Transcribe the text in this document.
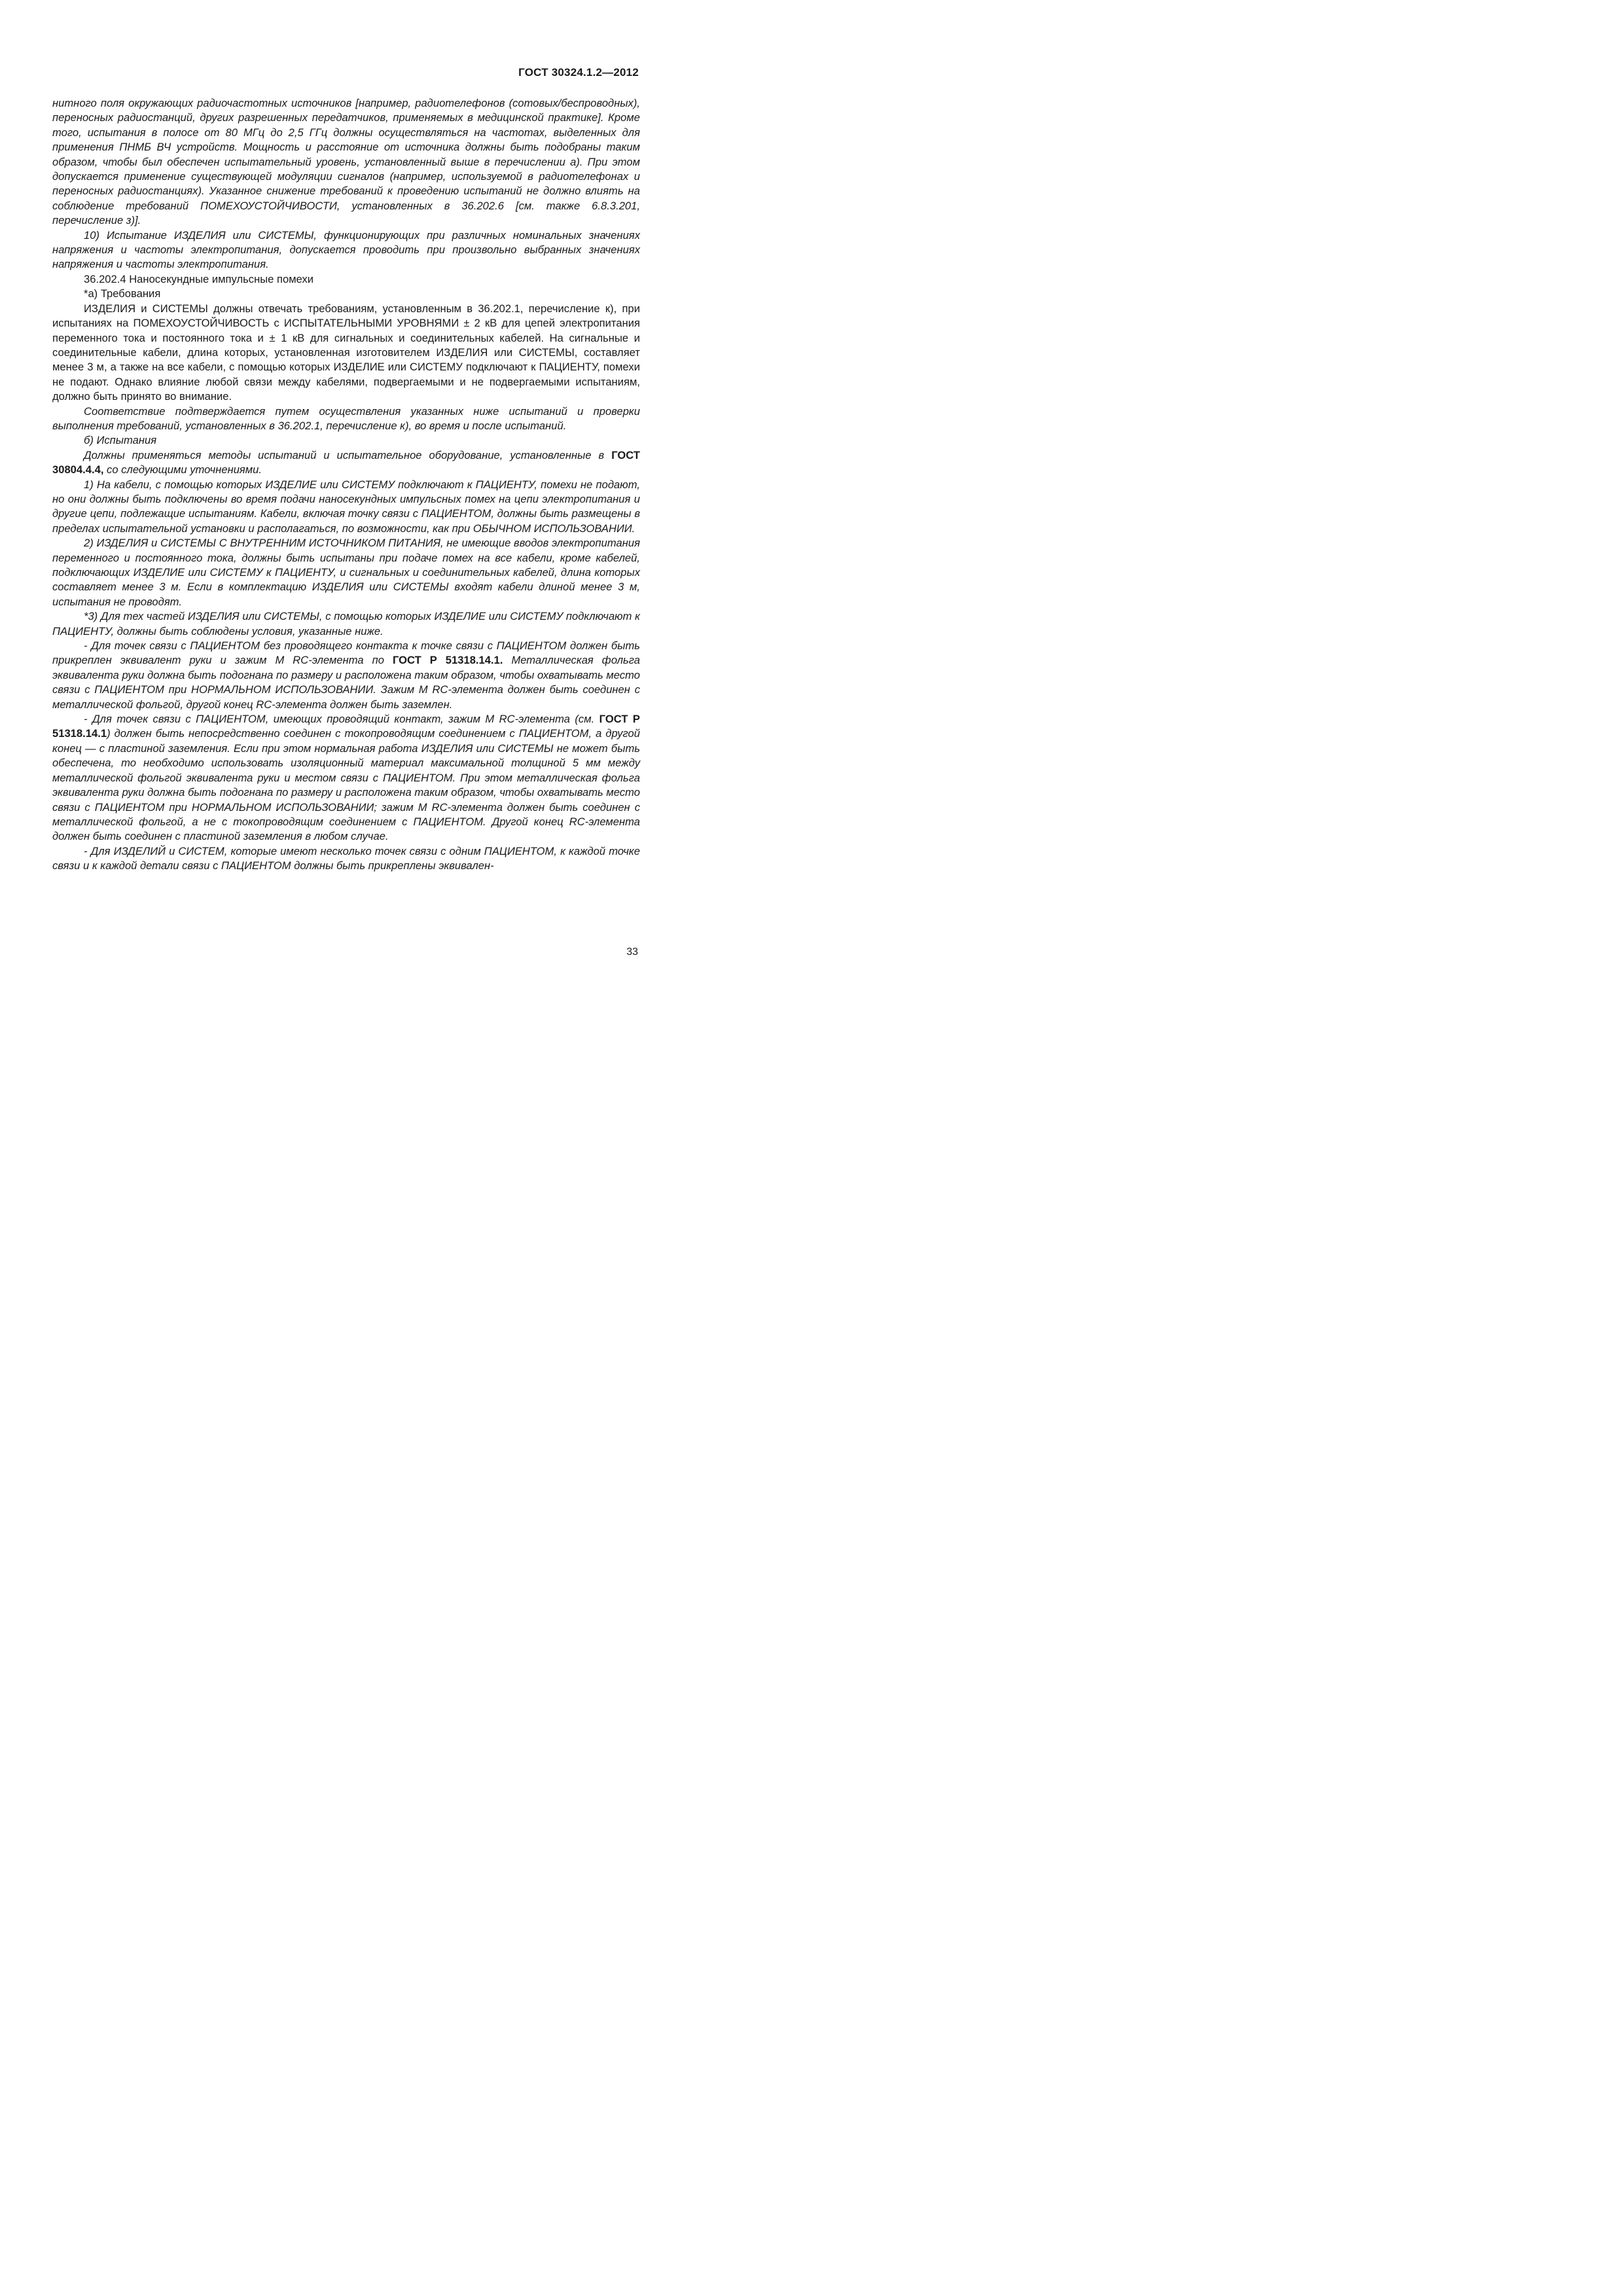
ГОСТ 30324.1.2—2012

нитного поля окружающих радиочастотных источников [например, радиотелефонов (сотовых/беспроводных), переносных радиостанций, других разрешенных передатчиков, применяемых в медицинской практике]. Кроме того, испытания в полосе от 80 МГц до 2,5 ГГц должны осуществляться на частотах, выделенных для применения ПНМБ ВЧ устройств. Мощность и расстояние от источника должны быть подобраны таким образом, чтобы был обеспечен испытательный уровень, установленный выше в перечислении а). При этом допускается применение существующей модуляции сигналов (например, используемой в радиотелефонах и переносных радиостанциях). Указанное снижение требований к проведению испытаний не должно влиять на соблюдение требований ПОМЕХОУСТОЙЧИВОСТИ, установленных в 36.202.6 [см. также 6.8.3.201, перечисление з)].

10) Испытание ИЗДЕЛИЯ или СИСТЕМЫ, функционирующих при различных номинальных значениях напряжения и частоты электропитания, допускается проводить при произвольно выбранных значениях напряжения и частоты электропитания.

36.202.4 Наносекундные импульсные помехи

*а) Требования

ИЗДЕЛИЯ и СИСТЕМЫ должны отвечать требованиям, установленным в 36.202.1, перечисление к), при испытаниях на ПОМЕХОУСТОЙЧИВОСТЬ с ИСПЫТАТЕЛЬНЫМИ УРОВНЯМИ ± 2 кВ для цепей электропитания переменного тока и постоянного тока и ± 1 кВ для сигнальных и соединительных кабелей. На сигнальные и соединительные кабели, длина которых, установленная изготовителем ИЗДЕЛИЯ или СИСТЕМЫ, составляет менее 3 м, а также на все кабели, с помощью которых ИЗДЕЛИЕ или СИСТЕМУ подключают к ПАЦИЕНТУ, помехи не подают. Однако влияние любой связи между кабелями, подвергаемыми и не подвергаемыми испытаниям, должно быть принято во внимание.

Соответствие подтверждается путем осуществления указанных ниже испытаний и проверки выполнения требований, установленных в 36.202.1, перечисление к), во время и после испытаний.

б) Испытания

Должны применяться методы испытаний и испытательное оборудование, установленные в ГОСТ 30804.4.4, со следующими уточнениями.

1) На кабели, с помощью которых ИЗДЕЛИЕ или СИСТЕМУ подключают к ПАЦИЕНТУ, помехи не подают, но они должны быть подключены во время подачи наносекундных импульсных помех на цепи электропитания и другие цепи, подлежащие испытаниям. Кабели, включая точку связи с ПАЦИЕНТОМ, должны быть размещены в пределах испытательной установки и располагаться, по возможности, как при ОБЫЧНОМ ИСПОЛЬЗОВАНИИ.

2) ИЗДЕЛИЯ и СИСТЕМЫ С ВНУТРЕННИМ ИСТОЧНИКОМ ПИТАНИЯ, не имеющие вводов электропитания переменного и постоянного тока, должны быть испытаны при подаче помех на все кабели, кроме кабелей, подключающих ИЗДЕЛИЕ или СИСТЕМУ к ПАЦИЕНТУ, и сигнальных и соединительных кабелей, длина которых составляет менее 3 м. Если в комплектацию ИЗДЕЛИЯ или СИСТЕМЫ входят кабели длиной менее 3 м, испытания не проводят.

*3) Для тех частей ИЗДЕЛИЯ или СИСТЕМЫ, с помощью которых ИЗДЕЛИЕ или СИСТЕМУ подключают к ПАЦИЕНТУ, должны быть соблюдены условия, указанные ниже.

- Для точек связи с ПАЦИЕНТОМ без проводящего контакта к точке связи с ПАЦИЕНТОМ должен быть прикреплен эквивалент руки и зажим М RC-элемента по ГОСТ Р 51318.14.1. Металлическая фольга эквивалента руки должна быть подогнана по размеру и расположена таким образом, чтобы охватывать место связи с ПАЦИЕНТОМ при НОРМАЛЬНОМ ИСПОЛЬЗОВАНИИ. Зажим М RC-элемента должен быть соединен с металлической фольгой, другой конец RC-элемента должен быть заземлен.

- Для точек связи с ПАЦИЕНТОМ, имеющих проводящий контакт, зажим М RC-элемента (см. ГОСТ Р 51318.14.1) должен быть непосредственно соединен с токопроводящим соединением с ПАЦИЕНТОМ, а другой конец — с пластиной заземления. Если при этом нормальная работа ИЗДЕЛИЯ или СИСТЕМЫ не может быть обеспечена, то необходимо использовать изоляционный материал максимальной толщиной 5 мм между металлической фольгой эквивалента руки и местом связи с ПАЦИЕНТОМ. При этом металлическая фольга эквивалента руки должна быть подогнана по размеру и расположена таким образом, чтобы охватывать место связи с ПАЦИЕНТОМ при НОРМАЛЬНОМ ИСПОЛЬЗОВАНИИ; зажим М RC-элемента должен быть соединен с металлической фольгой, а не с токопроводящим соединением с ПАЦИЕНТОМ. Другой конец RC-элемента должен быть соединен с пластиной заземления в любом случае.

- Для ИЗДЕЛИЙ и СИСТЕМ, которые имеют несколько точек связи с одним ПАЦИЕНТОМ, к каждой точке связи и к каждой детали связи с ПАЦИЕНТОМ должны быть прикреплены эквивален-

33
